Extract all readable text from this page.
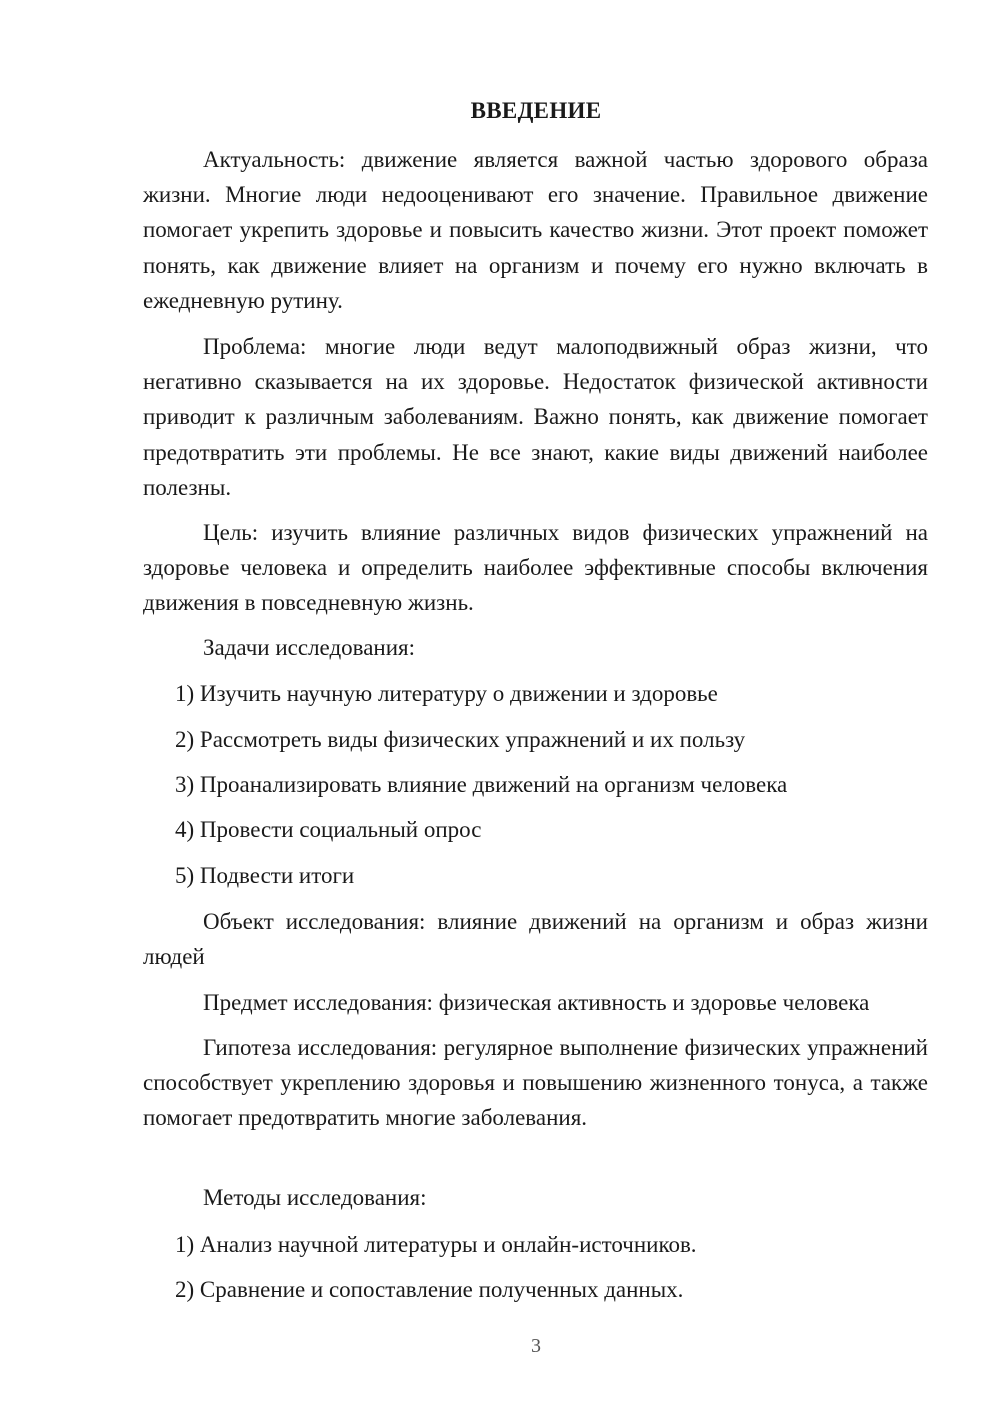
ВВЕДЕНИЕ

Актуальность: движение является важной частью здорового образа жизни. Многие люди недооценивают его значение. Правильное движение помогает укрепить здоровье и повысить качество жизни. Этот проект поможет понять, как движение влияет на организм и почему его нужно включать в ежедневную рутину.

Проблема: многие люди ведут малоподвижный образ жизни, что негативно сказывается на их здоровье. Недостаток физической активности приводит к различным заболеваниям. Важно понять, как движение помогает предотвратить эти проблемы. Не все знают, какие виды движений наиболее полезны.

Цель: изучить влияние различных видов физических упражнений на здоровье человека и определить наиболее эффективные способы включения движения в повседневную жизнь.

Задачи исследования:

1) Изучить научную литературу о движении и здоровье

2) Рассмотреть виды физических упражнений и их пользу

3) Проанализировать влияние движений на организм человека

4) Провести социальный опрос

5) Подвести итоги

Объект исследования: влияние движений на организм и образ жизни людей

Предмет исследования: физическая активность и здоровье человека

Гипотеза исследования: регулярное выполнение физических упражнений способствует укреплению здоровья и повышению жизненного тонуса, а также помогает предотвратить многие заболевания.

Методы исследования:

1) Анализ научной литературы и онлайн-источников.

2) Сравнение и сопоставление полученных данных.

3
